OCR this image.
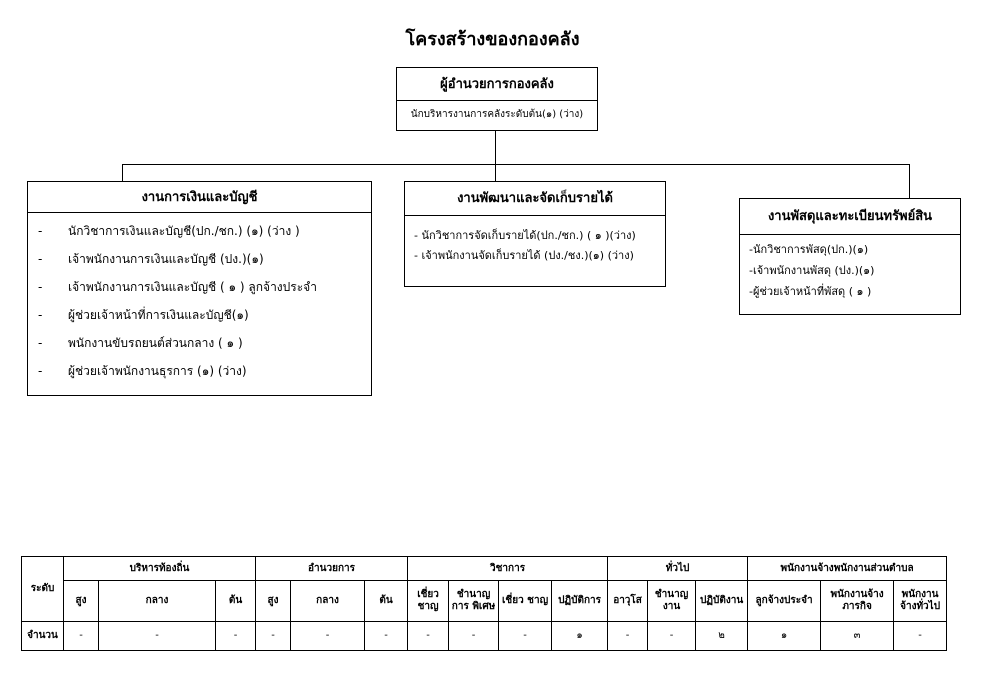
โครงสร้างของกองคลัง
ผู้อำนวยการกองคลัง
นักบริหารงานการคลังระดับต้น(๑) (ว่าง)
งานการเงินและบัญชี
- นักวิชาการเงินและบัญชี(ปก./ชก.) (๑) (ว่าง )
- เจ้าพนักงานการเงินและบัญชี (ปง.)(๑)
- เจ้าพนักงานการเงินและบัญชี ( ๑ ) ลูกจ้างประจำ
- ผู้ช่วยเจ้าหน้าที่การเงินและบัญชี(๑)
- พนักงานขับรถยนต์ส่วนกลาง ( ๑ )
- ผู้ช่วยเจ้าพนักงานธุรการ (๑) (ว่าง)
งานพัฒนาและจัดเก็บรายได้
- นักวิชาการจัดเก็บรายได้(ปก./ชก.) ( ๑ )(ว่าง)
- เจ้าพนักงานจัดเก็บรายได้ (ปง./ชง.)(๑) (ว่าง)
งานพัสดุและทะเบียนทรัพย์สิน
-นักวิชาการพัสดุ(ปก.)(๑)
-เจ้าพนักงานพัสดุ (ปง.)(๑)
-ผู้ช่วยเจ้าหน้าที่พัสดุ ( ๑ )
ระดับ	บริหารท้องถิ่น			อำนวยการ			วิชาการ				ทั่วไป			พนักงานจ้างพนักงานส่วนตำบล		
	สูง	กลาง	ต้น	สูง	กลาง	ต้น	เชี่ยว ชาญ	ชำนาญ การ พิเศษ	เชี่ยว ชาญ	ปฏิบัติการ	อาวุโส	ชำนาญ งาน	ปฏิบัติงาน	ลูกจ้างประจำ	พนักงานจ้าง ภารกิจ	พนักงาน จ้างทั่วไป
จำนวน	-	-	-	-	-	-	-	-	-	๑	-	-	๒	๑	๓	-
